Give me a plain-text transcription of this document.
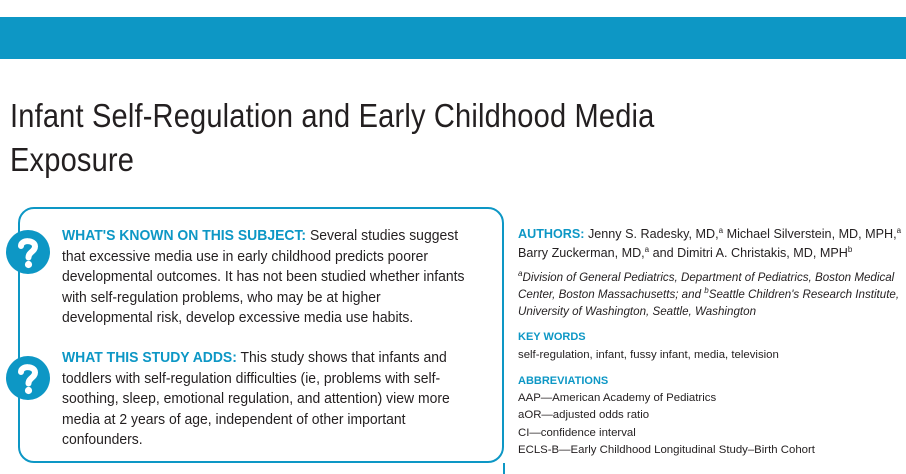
Infant Self-Regulation and Early Childhood Media Exposure

WHAT'S KNOWN ON THIS SUBJECT: Several studies suggest that excessive media use in early childhood predicts poorer developmental outcomes. It has not been studied whether infants with self-regulation problems, who may be at higher developmental risk, develop excessive media use habits.

WHAT THIS STUDY ADDS: This study shows that infants and toddlers with self-regulation difficulties (ie, problems with self-soothing, sleep, emotional regulation, and attention) view more media at 2 years of age, independent of other important confounders.

AUTHORS: Jenny S. Radesky, MD,$^a$ Michael Silverstein, MD, MPH,$^a$ Barry Zuckerman, MD,$^a$ and Dimitri A. Christakis, MD, MPH$^b$

$^a$Division of General Pediatrics, Department of Pediatrics, Boston Medical Center, Boston Massachusetts; and $^b$Seattle Children's Research Institute, University of Washington, Seattle, Washington

KEY WORDS

self-regulation, infant, fussy infant, media, television

ABBREVIATIONS

AAP—American Academy of Pediatrics
aOR—adjusted odds ratio
CI—confidence interval
ECLS-B—Early Childhood Longitudinal Study–Birth Cohort
